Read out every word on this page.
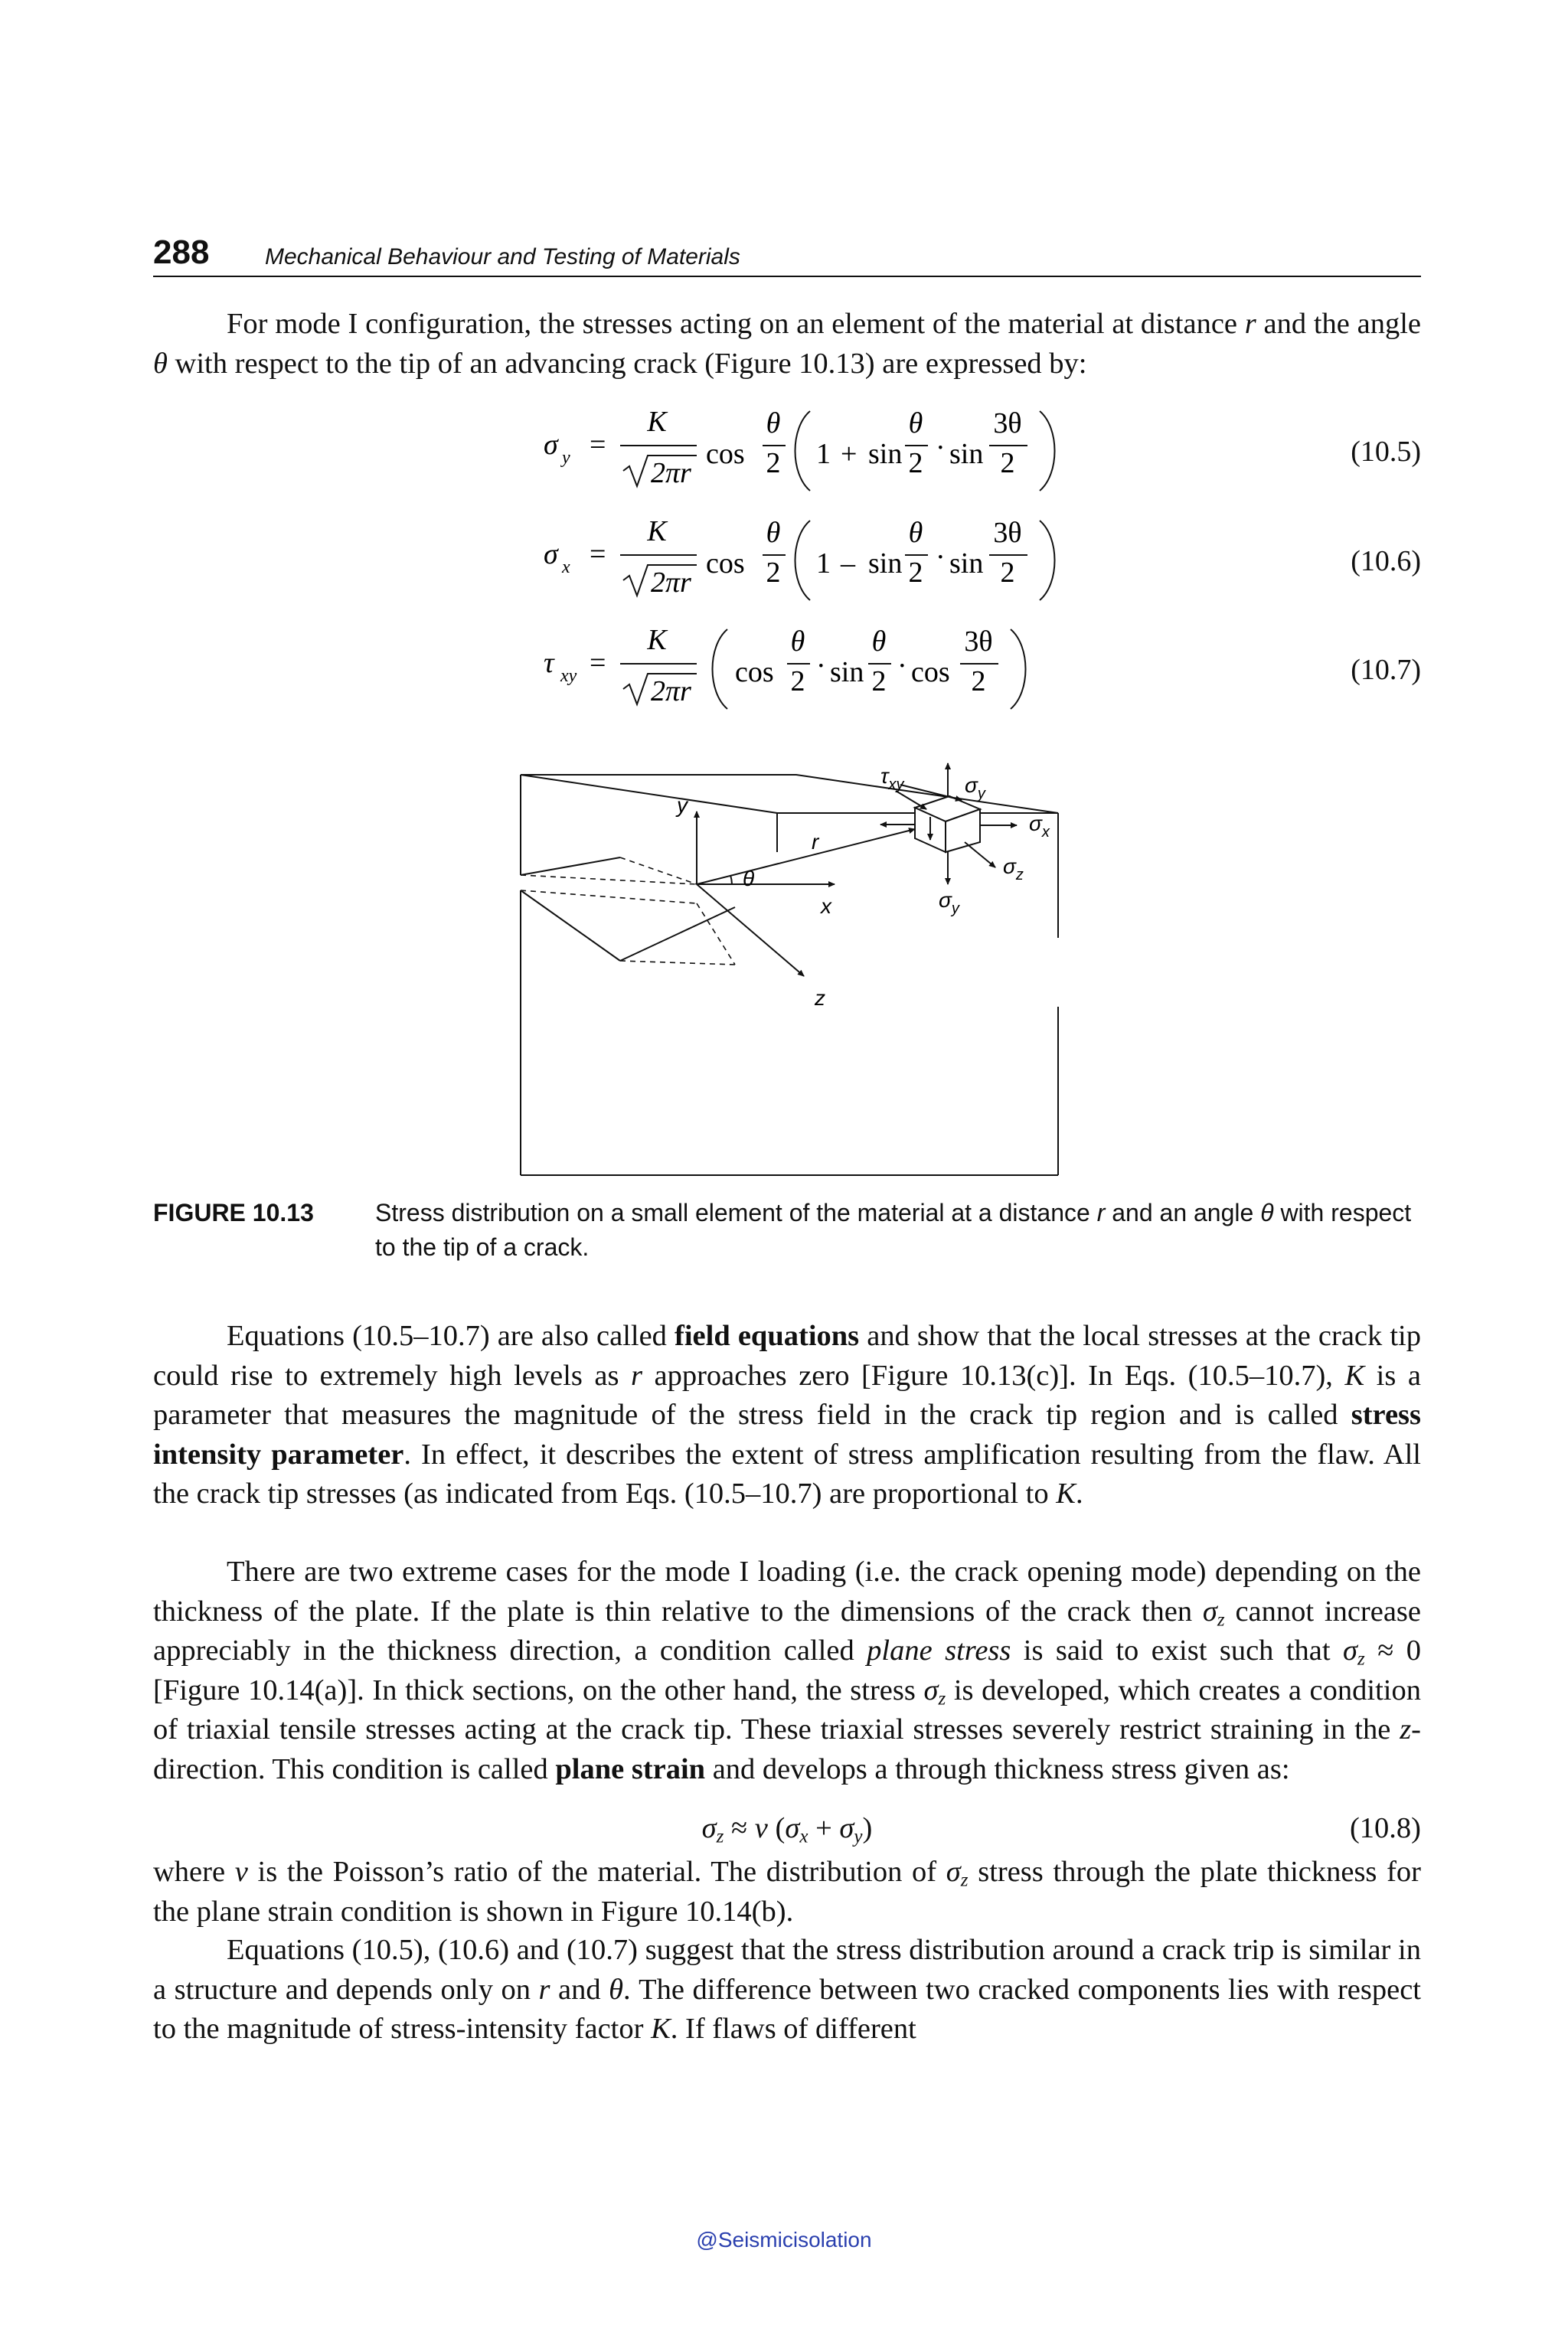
288 Mechanical Behaviour and Testing of Materials

For mode I configuration, the stresses acting on an element of the material at distance r and the angle θ with respect to the tip of an advancing crack (Figure 10.13) are expressed by:

σ y =
K
2πr
cos
θ
2 1 + sin
θ
2 · sin
3θ
2	(10.5)
σ x =
K
2πr
cos
θ
2 1 – sin
θ
2 · sin
3θ
2	(10.6)
τ xy =
K
2πr
cos
θ
2 · sin
θ
2 · cos
3θ
2	(10.7)
y
x
z
r
θ
$\tau_{xy}$	$\sigma_y$
$\sigma_x$
$\sigma_z$
$\sigma_y$
FIGURE 10.13	Stress distribution on a small element of the material at a distance r and an angle θ with respect to the tip of a crack.

Equations (10.5–10.7) are also called field equations and show that the local stresses at the crack tip could rise to extremely high levels as r approaches zero [Figure 10.13(c)]. In Eqs. (10.5–10.7), K is a parameter that measures the magnitude of the stress field in the crack tip region and is called stress intensity parameter. In effect, it describes the extent of stress amplification resulting from the flaw. All the crack tip stresses (as indicated from Eqs. (10.5–10.7) are proportional to K.

There are two extreme cases for the mode I loading (i.e. the crack opening mode) depending on the thickness of the plate. If the plate is thin relative to the dimensions of the crack then $\sigma_z$ cannot increase appreciably in the thickness direction, a condition called plane stress is said to exist such that $\sigma_z \approx 0$ [Figure 10.14(a)]. In thick sections, on the other hand, the stress $\sigma_z$ is developed, which creates a condition of triaxial tensile stresses acting at the crack tip. These triaxial stresses severely restrict straining in the z-direction. This condition is called plane strain and develops a through thickness stress given as:

$\sigma_z \approx \nu$ $(\sigma_x + \sigma_y)$	(10.8)

where ν is the Poisson’s ratio of the material. The distribution of $\sigma_z$ stress through the plate thickness for the plane strain condition is shown in Figure 10.14(b).

Equations (10.5), (10.6) and (10.7) suggest that the stress distribution around a crack trip is similar in a structure and depends only on r and θ. The difference between two cracked components lies with respect to the magnitude of stress-intensity factor K. If flaws of different

@Seismicisolation
